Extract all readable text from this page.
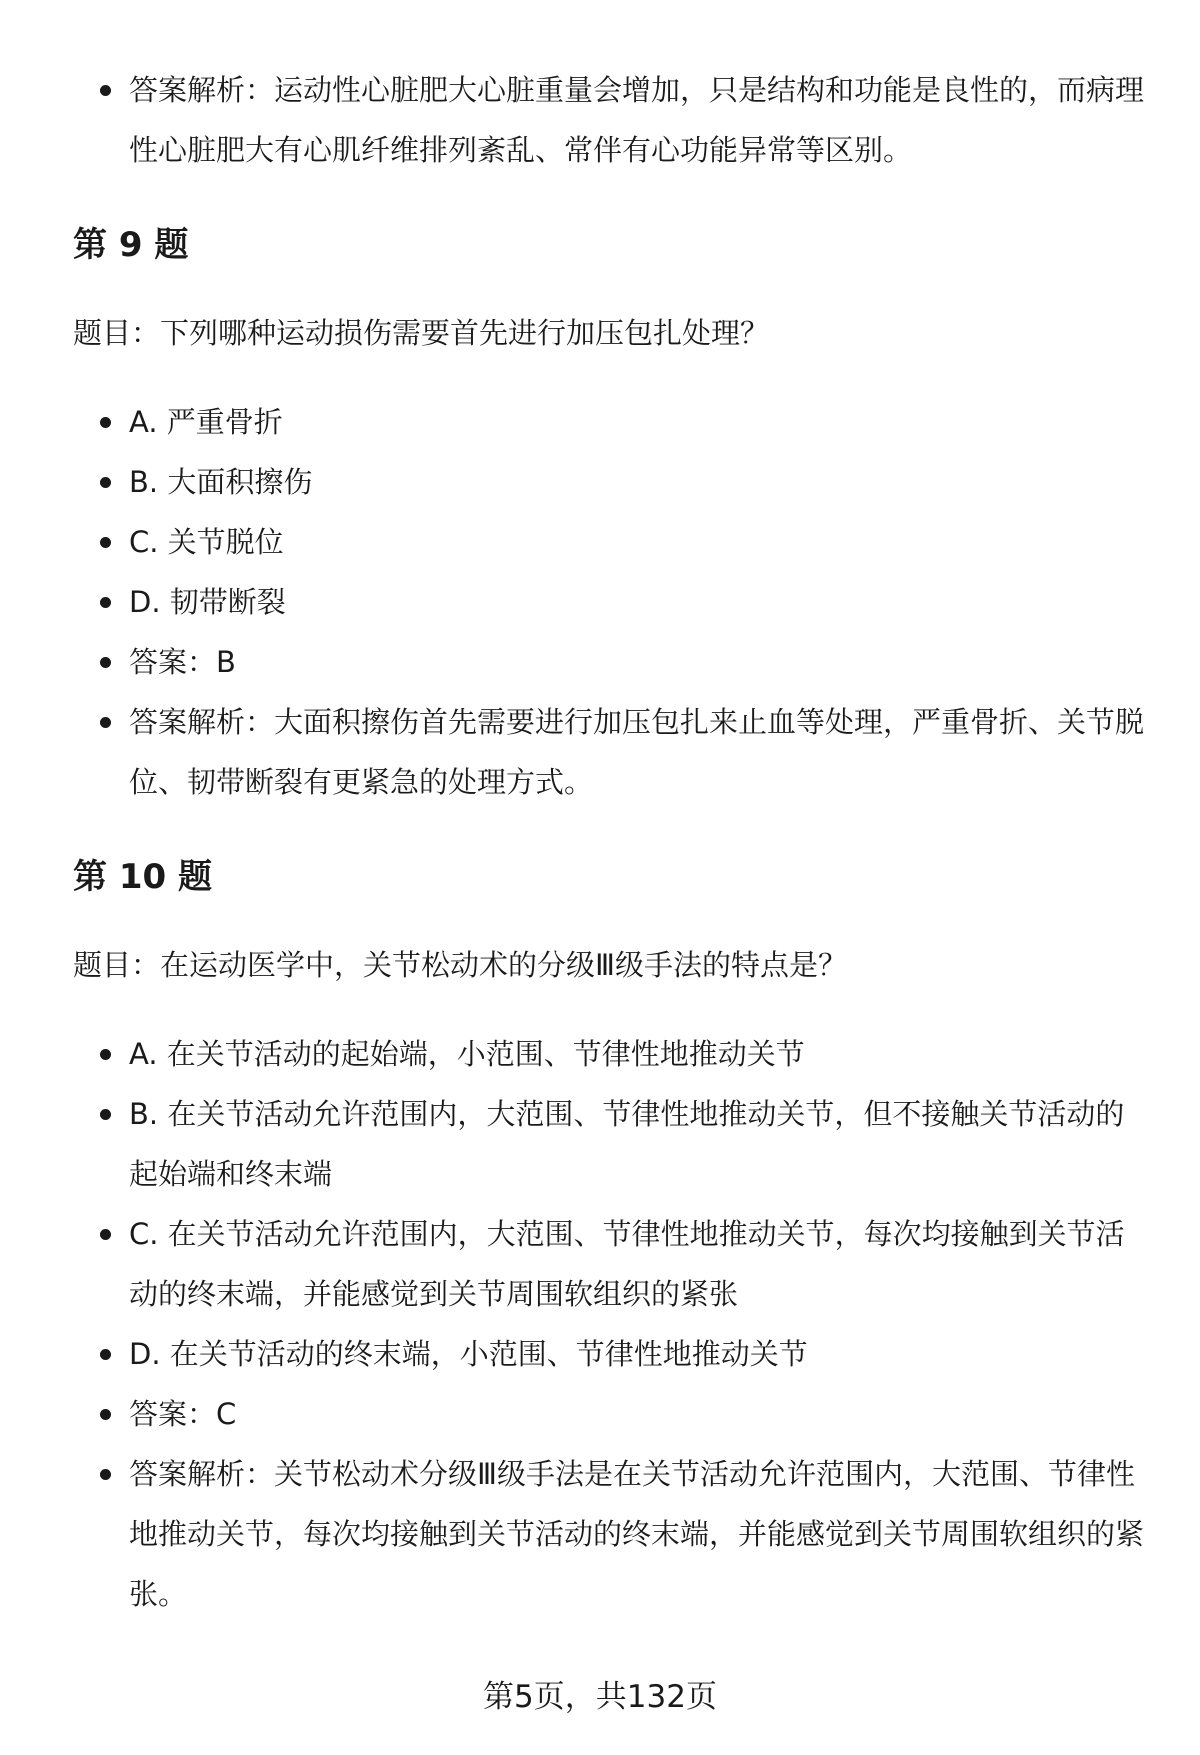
答案解析：运动性心脏肥大心脏重量会增加，只是结构和功能是良性的，而病理性心脏肥大有心肌纤维排列紊乱、常伴有心功能异常等区别。
第 9 题

题目：下列哪种运动损伤需要首先进行加压包扎处理？

A. 严重骨折
B. 大面积擦伤
C. 关节脱位
D. 韧带断裂
答案：B
答案解析：大面积擦伤首先需要进行加压包扎来止血等处理，严重骨折、关节脱位、韧带断裂有更紧急的处理方式。
第 10 题

题目：在运动医学中，关节松动术的分级Ⅲ级手法的特点是？

A. 在关节活动的起始端，小范围、节律性地推动关节
B. 在关节活动允许范围内，大范围、节律性地推动关节，但不接触关节活动的起始端和终末端
C. 在关节活动允许范围内，大范围、节律性地推动关节，每次均接触到关节活动的终末端，并能感觉到关节周围软组织的紧张
D. 在关节活动的终末端，小范围、节律性地推动关节
答案：C
答案解析：关节松动术分级Ⅲ级手法是在关节活动允许范围内，大范围、节律性地推动关节，每次均接触到关节活动的终末端，并能感觉到关节周围软组织的紧张。
第5页，共132页
